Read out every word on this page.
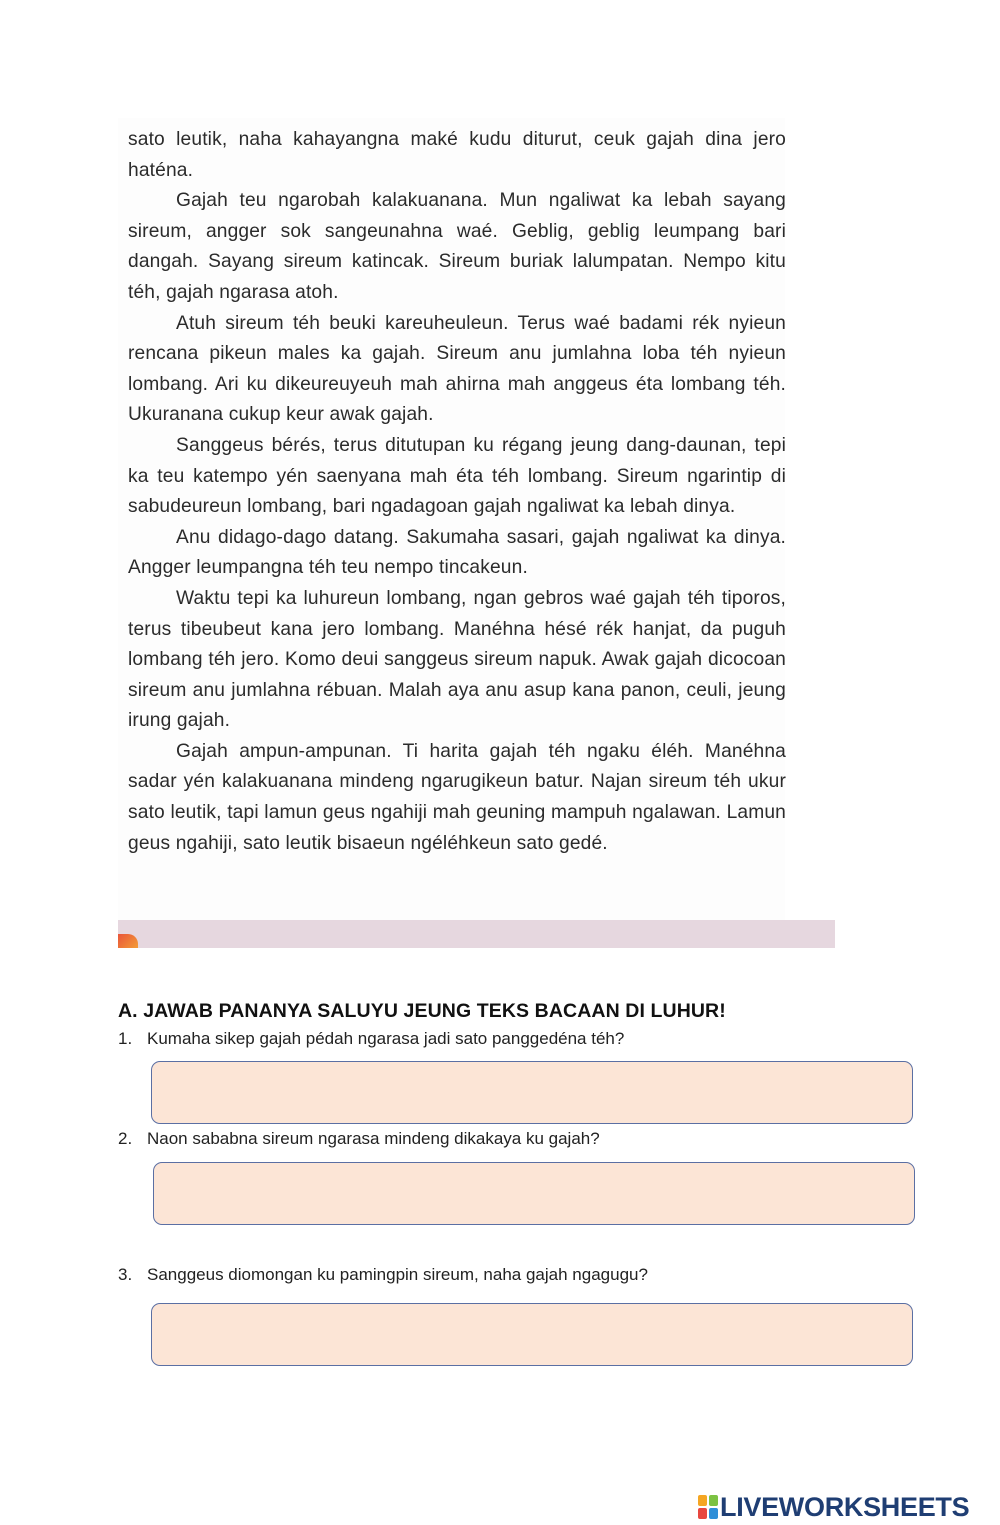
sato leutik, naha kahayangna maké kudu diturut, ceuk gajah dina jero haténa.

Gajah teu ngarobah kalakuanana. Mun ngaliwat ka lebah sayang sireum, angger sok sangeunahna waé. Geblig, geblig leumpang bari dangah. Sayang sireum katincak. Sireum buriak lalumpatan. Nempo kitu téh, gajah ngarasa atoh.

Atuh sireum téh beuki kareuheuleun. Terus waé badami rék nyieun rencana pikeun males ka gajah. Sireum anu jumlahna loba téh nyieun lombang. Ari ku dikeureuyeuh mah ahirna mah anggeus éta lombang téh. Ukuranana cukup keur awak gajah.

Sanggeus bérés, terus ditutupan ku régang jeung dang-daunan, tepi ka teu katempo yén saenyana mah éta téh lombang. Sireum ngarintip di sabudeureun lombang, bari ngadagoan gajah ngaliwat ka lebah dinya.

Anu didago-dago datang. Sakumaha sasari, gajah ngaliwat ka dinya. Angger leumpangna téh teu nempo tincakeun.

Waktu tepi ka luhureun lombang, ngan gebros waé gajah téh tiporos, terus tibeubeut kana jero lombang. Manéhna hésé rék hanjat, da puguh lombang téh jero. Komo deui sanggeus sireum napuk. Awak gajah dicocoan sireum anu jumlahna rébuan. Malah aya anu asup kana panon, ceuli, jeung irung gajah.

Gajah ampun-ampunan. Ti harita gajah téh ngaku éléh. Manéhna sadar yén kalakuanana mindeng ngarugikeun batur. Najan sireum téh ukur sato leutik, tapi lamun geus ngahiji mah geuning mampuh ngalawan. Lamun geus ngahiji, sato leutik bisaeun ngéléhkeun sato gedé.

A. JAWAB PANANYA SALUYU JEUNG TEKS BACAAN DI LUHUR!
1. Kumaha sikep gajah pédah ngarasa jadi sato panggedéna téh?
2. Naon sababna sireum ngarasa mindeng dikakaya ku gajah?
3. Sanggeus diomongan ku pamingpin sireum, naha gajah ngagugu?
LIVEWORKSHEETS
